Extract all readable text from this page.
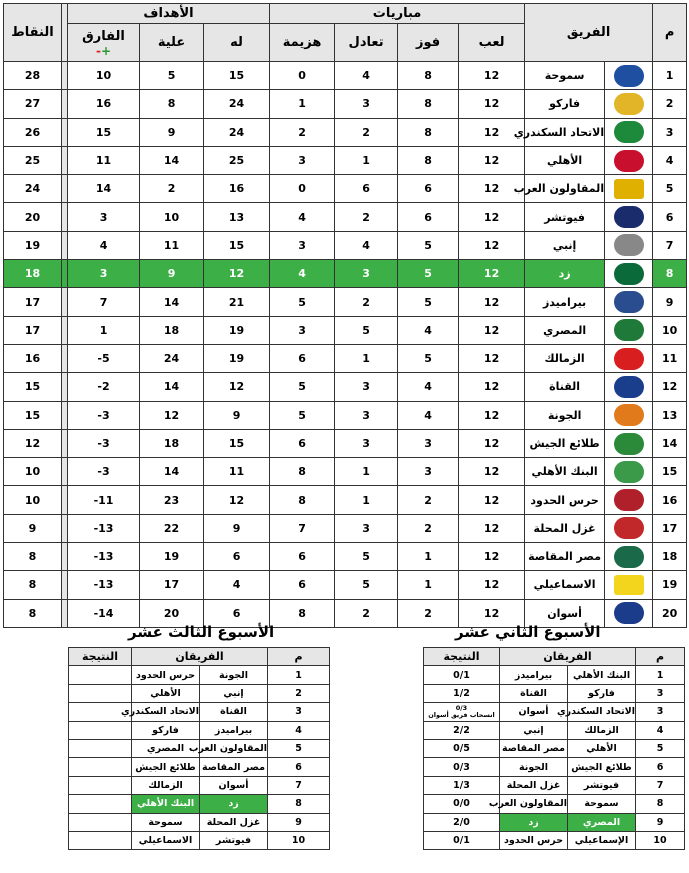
م	الفريق		مباريات				الأهداف				النقاط
			لعب	فوز	تعادل	هزيمة	له	علية	الفارق
+-		

1		سموحة	12	8	4	0	15	5	10		28
2		فاركو	12	8	3	1	24	8	16		27
3		الاتحاد السكندري	12	8	2	2	24	9	15		26
4		الأهلي	12	8	1	3	25	14	11		25
5		المقاولون العرب	12	6	6	0	16	2	14		24
6		فيوتشر	12	6	2	4	13	10	3		20
7		إنبي	12	5	4	3	15	11	4		19
8		زد	12	5	3	4	12	9	3		18
9		بيراميدز	12	5	2	5	21	14	7		17
10		المصري	12	4	5	3	19	18	1		17
11		الزمالك	12	5	1	6	19	24	5-		16
12		القناة	12	4	3	5	12	14	2-		15
13		الجونة	12	4	3	5	9	12	3-		15
14		طلائع الجيش	12	3	3	6	15	18	3-		12
15		البنك الأهلي	12	3	1	8	11	14	3-		10
16		حرس الحدود	12	2	1	8	12	23	11-		10
17		غزل المحلة	12	2	3	7	9	22	13-		9
18		مصر المقاصة	12	1	5	6	6	19	13-		8
19		الاسماعيلي	12	1	5	6	4	17	13-		8
20		أسوان	12	2	2	8	6	20	14-		8
الأسبوع الثاني عشر
الأسبوع الثالث عشر
م	الفريقان		النتيجة	
1	البنك الأهلي	بيراميدز	0/1	
3	فاركو	القناة	1/2	
3	الاتحاد السكندري	أسوان	0/3
انسحاب فريق أسوان	

4	الزمالك	إنبي	2/2	
5	الأهلي	مصر المقاصة	0/5	
6	طلائع الجيش	الجونة	0/3	
7	فيوتشر	غزل المحلة	1/3	
8	سموحة	المقاولون العرب	0/0	
9	المصري	زد	2/0	
10	الإسماعيلي	حرس الحدود	0/1	
م	الفريقان		النتيجة
1	الجونة	حرس الحدود	
2	إنبي	الأهلي	
3	القناة	الاتحاد السكندري	
4	بيراميدز	فاركو	
5	المقاولون العرب	المصري	
6	مصر المقاصة	طلائع الجيش	
7	أسوان	الزمالك	
8	زد	البنك الأهلي	
9	غزل المحلة	سموحة	
10	فيوتشر	الاسماعيلي	
